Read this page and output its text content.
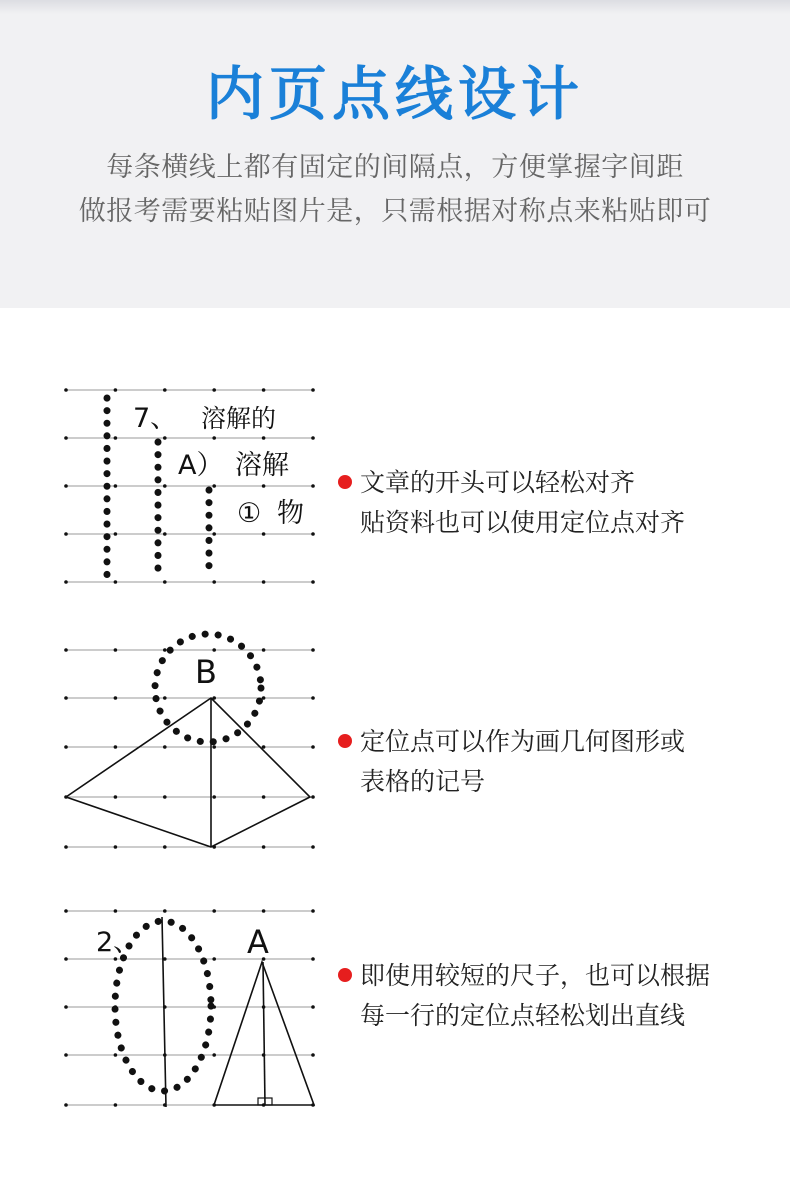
内页点线设计
每条横线上都有固定的间隔点，方便掌握字间距
做报考需要粘贴图片是，只需根据对称点来粘贴即可
7、 溶解的
A） 溶解
① 物
文章的开头可以轻松对齐
贴资料也可以使用定位点对齐
B
定位点可以作为画几何图形或
表格的记号
2、	A
即使用较短的尺子，也可以根据
每一行的定位点轻松划出直线
